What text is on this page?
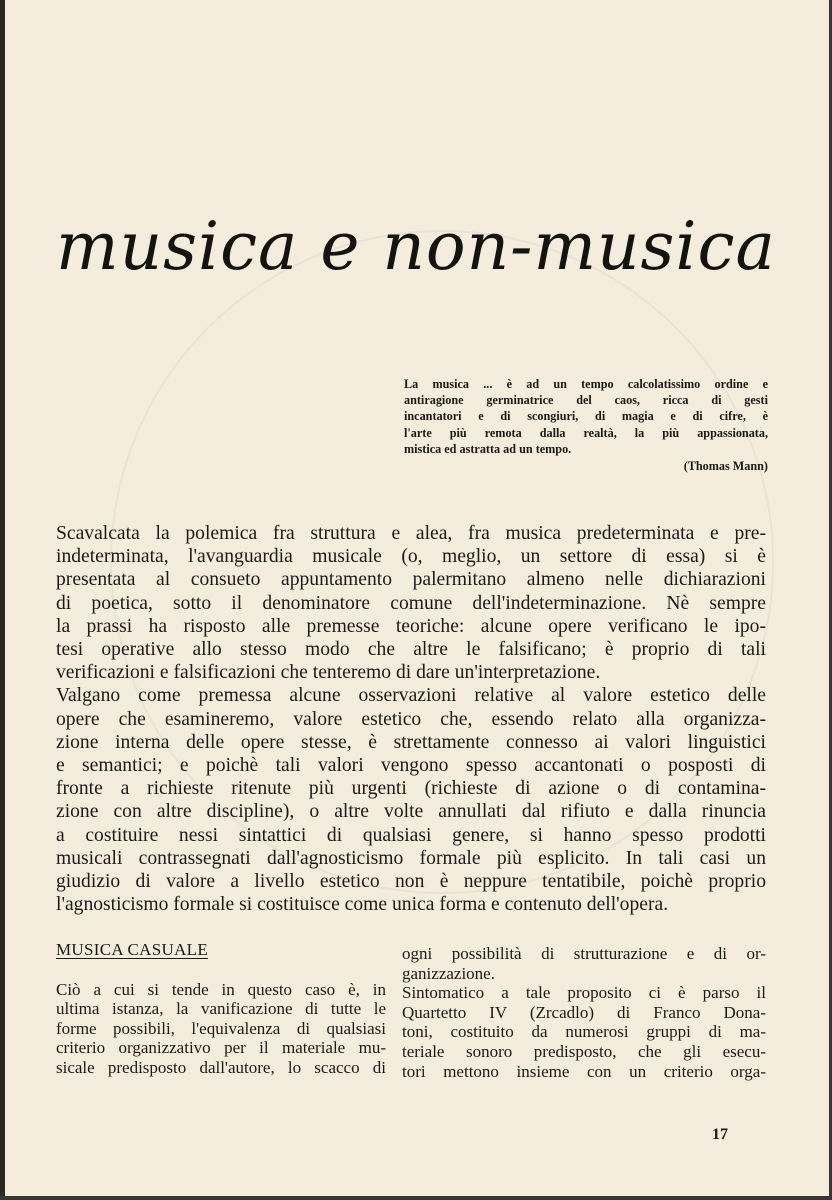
musica e non-musica
La musica ... è ad un tempo calcolatissimo ordine e
antiragione germinatrice del caos, ricca di gesti
incantatori e di scongiuri, di magia e di cifre, è
l'arte più remota dalla realtà, la più appassionata,
mistica ed astratta ad un tempo.
(Thomas Mann)
Scavalcata la polemica fra struttura e alea, fra musica predeterminata e pre-
indeterminata, l'avanguardia musicale (o, meglio, un settore di essa) si è
presentata al consueto appuntamento palermitano almeno nelle dichiarazioni
di poetica, sotto il denominatore comune dell'indeterminazione. Nè sempre
la prassi ha risposto alle premesse teoriche: alcune opere verificano le ipo-
tesi operative allo stesso modo che altre le falsificano; è proprio di tali
verificazioni e falsificazioni che tenteremo di dare un'interpretazione.
Valgano come premessa alcune osservazioni relative al valore estetico delle
opere che esamineremo, valore estetico che, essendo relato alla organizza-
zione interna delle opere stesse, è strettamente connesso ai valori linguistici
e semantici; e poichè tali valori vengono spesso accantonati o posposti di
fronte a richieste ritenute più urgenti (richieste di azione o di contamina-
zione con altre discipline), o altre volte annullati dal rifiuto e dalla rinuncia
a costituire nessi sintattici di qualsiasi genere, si hanno spesso prodotti
musicali contrassegnati dall'agnosticismo formale più esplicito. In tali casi un
giudizio di valore a livello estetico non è neppure tentatibile, poichè proprio
l'agnosticismo formale si costituisce come unica forma e contenuto dell'opera.
MUSICA CASUALE
Ciò a cui si tende in questo caso è, in
ultima istanza, la vanificazione di tutte le
forme possibili, l'equivalenza di qualsiasi
criterio organizzativo per il materiale mu-
sicale predisposto dall'autore, lo scacco di
ogni possibilità di strutturazione e di or-
ganizzazione.
Sintomatico a tale proposito ci è parso il
Quartetto IV (Zrcadlo) di Franco Dona-
toni, costituito da numerosi gruppi di ma-
teriale sonoro predisposto, che gli esecu-
tori mettono insieme con un criterio orga-
17
